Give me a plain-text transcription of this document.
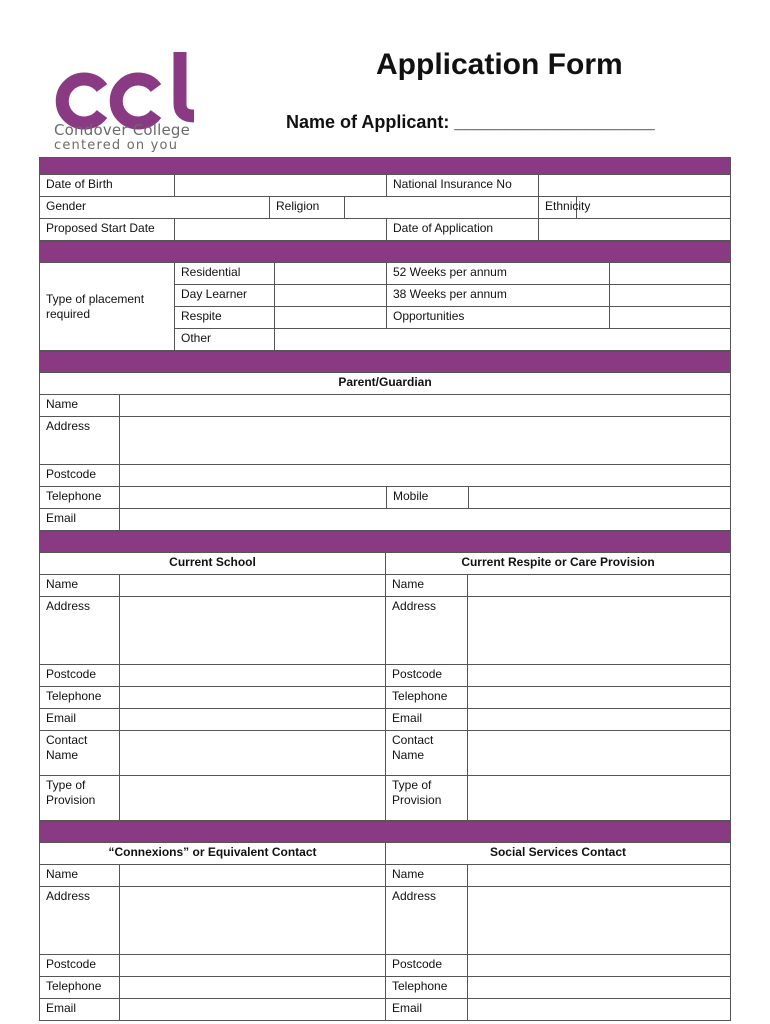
Condover College
centered on you
Application Form
Name of Applicant: ____________________
Date of Birth				National Insurance No		
Gender		Religion			Ethnicity	
Proposed Start Date				Date of Application		
Type of placement required	Residential		52 Weeks per annum	
	Day Learner		38 Weeks per annum	
	Respite		Opportunities	
	Other			
Parent/Guardian			
Name			
Address			
Postcode			
Telephone		Mobile	
Email			
Current School		Current Respite or Care Provision	
Name		Name	
Address		Address	
Postcode		Postcode	
Telephone		Telephone	
Email		Email	
Contact Name		Contact Name	
Type of Provision		Type of Provision	
“Connexions” or Equivalent Contact		Social Services Contact	
Name		Name	
Address		Address	
Postcode		Postcode	
Telephone		Telephone	
Email		Email	
